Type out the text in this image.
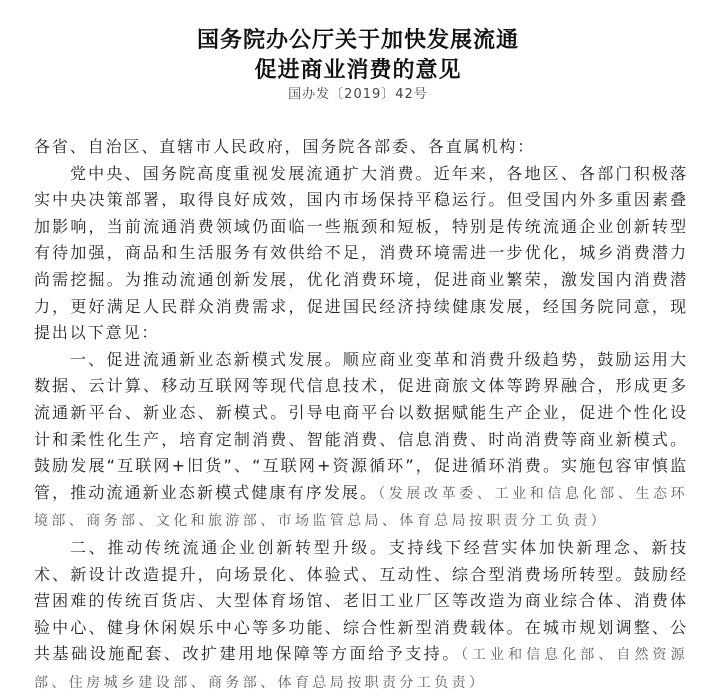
国务院办公厅关于加快发展流通
促进商业消费的意见
国办发〔2019〕42号

各省、自治区、直辖市人民政府，国务院各部委、各直属机构：

党中央、国务院高度重视发展流通扩大消费。近年来，各地区、各部门积极落实中央决策部署，取得良好成效，国内市场保持平稳运行。但受国内外多重因素叠加影响，当前流通消费领域仍面临一些瓶颈和短板，特别是传统流通企业创新转型有待加强，商品和生活服务有效供给不足，消费环境需进一步优化，城乡消费潜力尚需挖掘。为推动流通创新发展，优化消费环境，促进商业繁荣，激发国内消费潜力，更好满足人民群众消费需求，促进国民经济持续健康发展，经国务院同意，现提出以下意见：

一、促进流通新业态新模式发展。顺应商业变革和消费升级趋势，鼓励运用大数据、云计算、移动互联网等现代信息技术，促进商旅文体等跨界融合，形成更多流通新平台、新业态、新模式。引导电商平台以数据赋能生产企业，促进个性化设计和柔性化生产，培育定制消费、智能消费、信息消费、时尚消费等商业新模式。鼓励发展“互联网+旧货”、“互联网+资源循环”，促进循环消费。实施包容审慎监管，推动流通新业态新模式健康有序发展。（发展改革委、工业和信息化部、生态环境部、商务部、文化和旅游部、市场监管总局、体育总局按职责分工负责）

二、推动传统流通企业创新转型升级。支持线下经营实体加快新理念、新技术、新设计改造提升，向场景化、体验式、互动性、综合型消费场所转型。鼓励经营困难的传统百货店、大型体育场馆、老旧工业厂区等改造为商业综合体、消费体验中心、健身休闲娱乐中心等多功能、综合性新型消费载体。在城市规划调整、公共基础设施配套、改扩建用地保障等方面给予支持。（工业和信息化部、自然资源部、住房城乡建设部、商务部、体育总局按职责分工负责）
